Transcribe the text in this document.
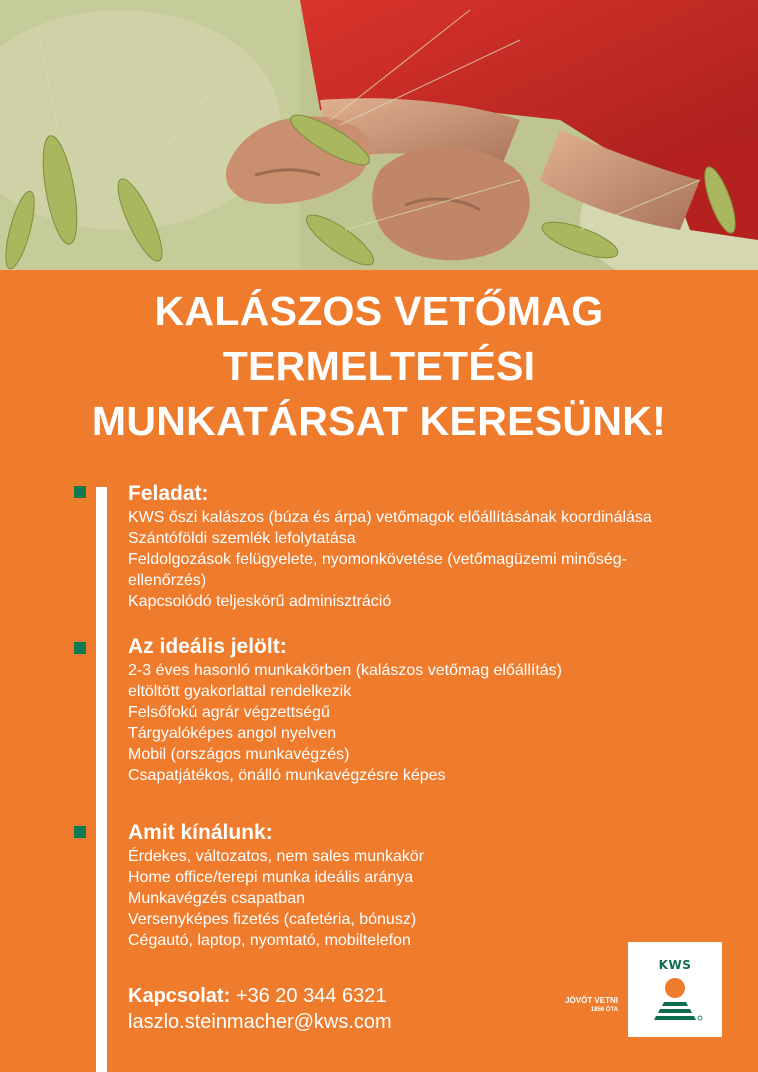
KALÁSZOS VETŐMAG
TERMELTETÉSI
MUNKATÁRSAT KERESÜNK!
Feladat:
KWS őszi kalászos (búza és árpa) vetőmagok előállításának koordinálása
Szántóföldi szemlék lefolytatása
Feldolgozások felügyelete, nyomonkövetése (vetőmagüzemi minőség-
ellenőrzés)
Kapcsolódó teljeskörű adminisztráció
Az ideális jelölt:
2-3 éves hasonló munkakörben (kalászos vetőmag előállítás)
eltöltött gyakorlattal rendelkezik
Felsőfokú agrár végzettségű
Tárgyalóképes angol nyelven
Mobil (országos munkavégzés)
Csapatjátékos, önálló munkavégzésre képes
Amit kínálunk:
Érdekes, változatos, nem sales munkakör
Home office/terepi munka ideális aránya
Munkavégzés csapatban
Versenyképes fizetés (cafetéria, bónusz)
Cégautó, laptop, nyomtató, mobiltelefon
Kapcsolat: +36 20 344 6321
laszlo.steinmacher@kws.com
JÖVŐT VETNI
1856 ÓTA
KWS
